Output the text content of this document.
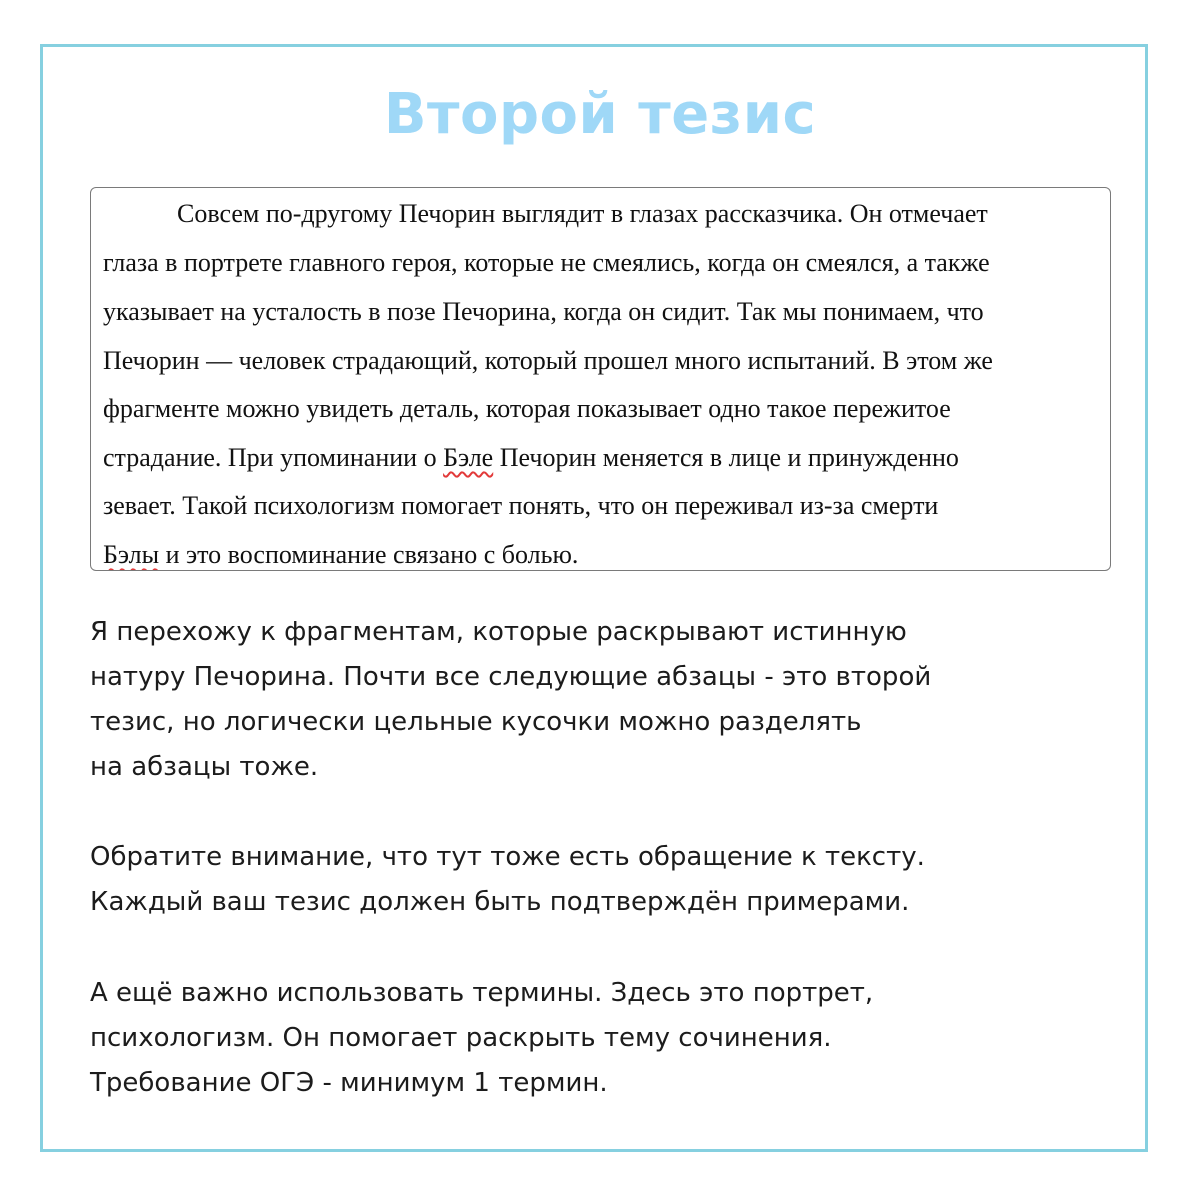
Второй тезис
Совсем по-другому Печорин выглядит в глазах рассказчика. Он отмечает
глаза в портрете главного героя, которые не смеялись, когда он смеялся, а также
указывает на усталость в позе Печорина, когда он сидит. Так мы понимаем, что
Печорин — человек страдающий, который прошел много испытаний. В этом же
фрагменте можно увидеть деталь, которая показывает одно такое пережитое
страдание. При упоминании о Бэле Печорин меняется в лице и принужденно
зевает. Такой психологизм помогает понять, что он переживал из-за смерти
Бэлы и это воспоминание связано с болью.
Я перехожу к фрагментам, которые раскрывают истинную
натуру Печорина. Почти все следующие абзацы - это второй
тезис, но логически цельные кусочки можно разделять
на абзацы тоже.
Обратите внимание, что тут тоже есть обращение к тексту.
Каждый ваш тезис должен быть подтверждён примерами.
А ещё важно использовать термины. Здесь это портрет,
психологизм. Он помогает раскрыть тему сочинения.
Требование ОГЭ - минимум 1 термин.
